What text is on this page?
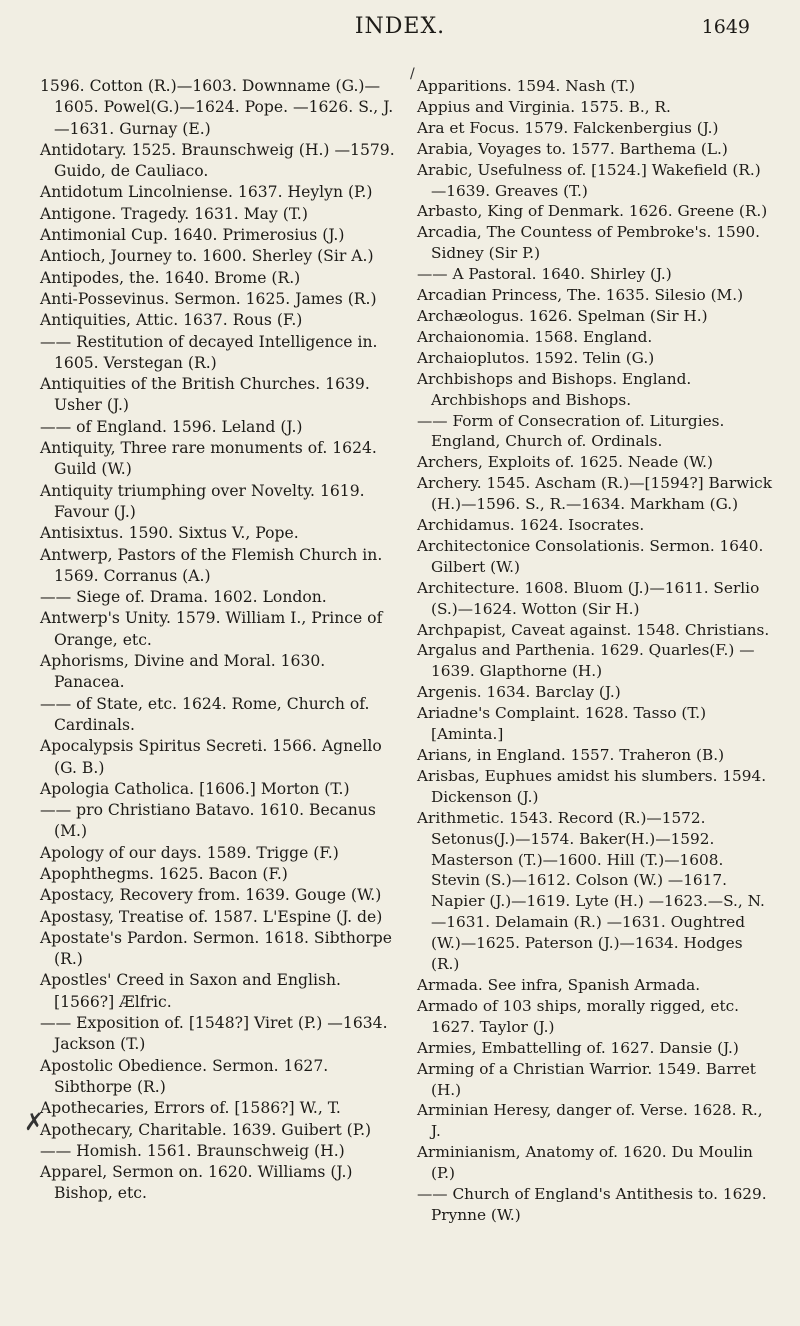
INDEX.	1649

1596. Cotton (R.)—1603. Downname (G.)—1605. Powel(G.)—1624. Pope. —1626. S., J.—1631. Gurnay (E.)

Antidotary. 1525. Braunschweig (H.) —1579. Guido, de Cauliaco.

Antidotum Lincolniense. 1637. Heylyn (P.)

Antigone. Tragedy. 1631. May (T.)

Antimonial Cup. 1640. Primerosius (J.)

Antioch, Journey to. 1600. Sherley (Sir A.)

Antipodes, the. 1640. Brome (R.)

Anti-Possevinus. Sermon. 1625. James (R.)

Antiquities, Attic. 1637. Rous (F.)

—— Restitution of decayed Intelligence in. 1605. Verstegan (R.)

Antiquities of the British Churches. 1639. Usher (J.)

—— of England. 1596. Leland (J.)

Antiquity, Three rare monuments of. 1624. Guild (W.)

Antiquity triumphing over Novelty. 1619. Favour (J.)

Antisixtus. 1590. Sixtus V., Pope.

Antwerp, Pastors of the Flemish Church in. 1569. Corranus (A.)

—— Siege of. Drama. 1602. London.

Antwerp's Unity. 1579. William I., Prince of Orange, etc.

Aphorisms, Divine and Moral. 1630. Panacea.

—— of State, etc. 1624. Rome, Church of. Cardinals.

Apocalypsis Spiritus Secreti. 1566. Agnello (G. B.)

Apologia Catholica. [1606.] Morton (T.)

—— pro Christiano Batavo. 1610. Becanus (M.)

Apology of our days. 1589. Trigge (F.)

Apophthegms. 1625. Bacon (F.)

Apostacy, Recovery from. 1639. Gouge (W.)

Apostasy, Treatise of. 1587. L'Espine (J. de)

Apostate's Pardon. Sermon. 1618. Sibthorpe (R.)

Apostles' Creed in Saxon and English. [1566?] Ælfric.

—— Exposition of. [1548?] Viret (P.) —1634. Jackson (T.)

Apostolic Obedience. Sermon. 1627. Sibthorpe (R.)

Apothecaries, Errors of. [1586?] W., T.

Apothecary, Charitable. 1639. Guibert (P.)

—— Homish. 1561. Braunschweig (H.)

Apparel, Sermon on. 1620. Williams (J.) Bishop, etc.

Apparitions. 1594. Nash (T.)

Appius and Virginia. 1575. B., R.

Ara et Focus. 1579. Falckenbergius (J.)

Arabia, Voyages to. 1577. Barthema (L.)

Arabic, Usefulness of. [1524.] Wakefield (R.)—1639. Greaves (T.)

Arbasto, King of Denmark. 1626. Greene (R.)

Arcadia, The Countess of Pembroke's. 1590. Sidney (Sir P.)

—— A Pastoral. 1640. Shirley (J.)

Arcadian Princess, The. 1635. Silesio (M.)

Archæologus. 1626. Spelman (Sir H.)

Archaionomia. 1568. England.

Archaioplutos. 1592. Telin (G.)

Archbishops and Bishops. England. Archbishops and Bishops.

—— Form of Consecration of. Liturgies. England, Church of. Ordinals.

Archers, Exploits of. 1625. Neade (W.)

Archery. 1545. Ascham (R.)—[1594?] Barwick (H.)—1596. S., R.—1634. Markham (G.)

Archidamus. 1624. Isocrates.

Architectonice Consolationis. Sermon. 1640. Gilbert (W.)

Architecture. 1608. Bluom (J.)—1611. Serlio (S.)—1624. Wotton (Sir H.)

Archpapist, Caveat against. 1548. Christians.

Argalus and Parthenia. 1629. Quarles(F.) —1639. Glapthorne (H.)

Argenis. 1634. Barclay (J.)

Ariadne's Complaint. 1628. Tasso (T.) [Aminta.]

Arians, in England. 1557. Traheron (B.)

Arisbas, Euphues amidst his slumbers. 1594. Dickenson (J.)

Arithmetic. 1543. Record (R.)—1572. Setonus(J.)—1574. Baker(H.)—1592. Masterson (T.)—1600. Hill (T.)—1608. Stevin (S.)—1612. Colson (W.) —1617. Napier (J.)—1619. Lyte (H.) —1623.—S., N.—1631. Delamain (R.) —1631. Oughtred (W.)—1625. Paterson (J.)—1634. Hodges (R.)

Armada. See infra, Spanish Armada.

Armado of 103 ships, morally rigged, etc. 1627. Taylor (J.)

Armies, Embattelling of. 1627. Dansie (J.)

Arming of a Christian Warrior. 1549. Barret (H.)

Arminian Heresy, danger of. Verse. 1628. R., J.

Arminianism, Anatomy of. 1620. Du Moulin (P.)

—— Church of England's Antithesis to. 1629. Prynne (W.)

/
✗
